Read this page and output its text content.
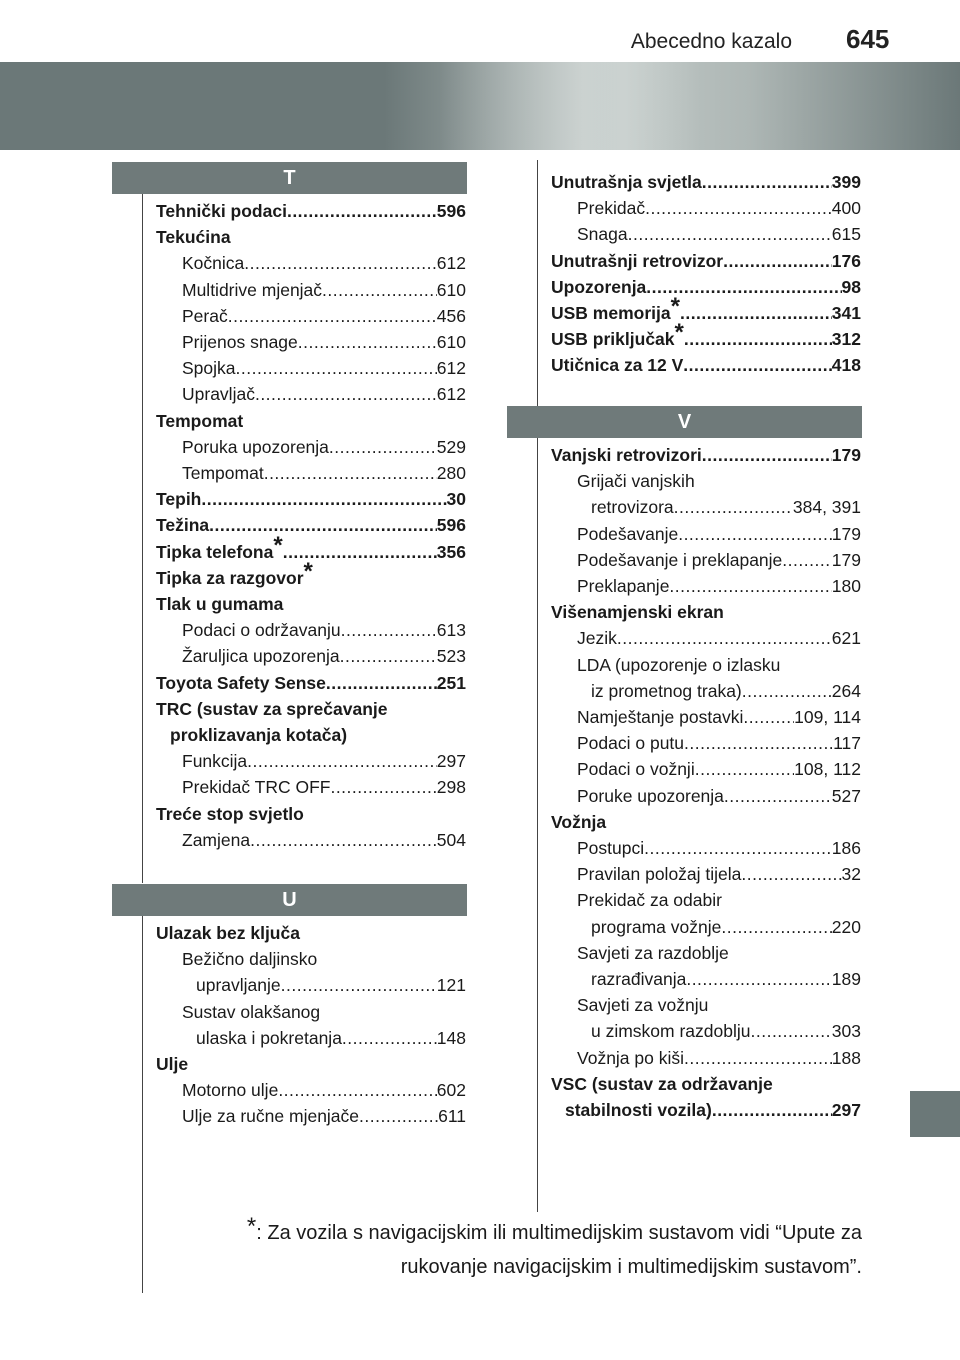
Abecedno kazalo 645
T
Tehnički podaci .....	596
Tekućina
Kočnica .....	612
Multidrive mjenjač .....	610
Perač .....	456
Prijenos snage .....	610
Spojka .....	612
Upravljač .....	612
Tempomat
Poruka upozorenja .....	529
Tempomat .....	280
Tepih .....	30
Težina .....	596
Tipka telefona* .....	356
Tipka za razgovor*
Tlak u gumama
Podaci o održavanju .....	613
Žaruljica upozorenja .....	523
Toyota Safety Sense .....	251
TRC (sustav za sprečavanje
proklizavanja kotača)
Funkcija .....	297
Prekidač TRC OFF .....	298
Treće stop svjetlo
Zamjena .....	504
U
Ulazak bez ključa
Bežično daljinsko
upravljanje .....	121
Sustav olakšanog
ulaska i pokretanja .....	148
Ulje
Motorno ulje .....	602
Ulje za ručne mjenjače .....	611
Unutrašnja svjetla .....	399
Prekidač .....	400
Snaga .....	615
Unutrašnji retrovizor .....	176
Upozorenja .....	98
USB memorija* .....	341
USB priključak* .....	312
Utičnica za 12 V .....	418
V
Vanjski retrovizori .....	179
Grijači vanjskih
retrovizora .....	384, 391
Podešavanje .....	179
Podešavanje i preklapanje .....	179
Preklapanje .....	180
Višenamjenski ekran
Jezik .....	621
LDA (upozorenje o izlasku
iz prometnog traka) .....	264
Namještanje postavki .....	109, 114
Podaci o putu .....	117
Podaci o vožnji .....	108, 112
Poruke upozorenja .....	527
Vožnja
Postupci .....	186
Pravilan položaj tijela .....	32
Prekidač za odabir
programa vožnje .....	220
Savjeti za razdoblje
razrađivanja .....	189
Savjeti za vožnju
u zimskom razdoblju .....	303
Vožnja po kiši .....	188
VSC (sustav za održavanje
stabilnosti vozila) .....	297
*: Za vozila s navigacijskim ili multimedijskim sustavom vidi “Upute za
rukovanje navigacijskim i multimedijskim sustavom”.
